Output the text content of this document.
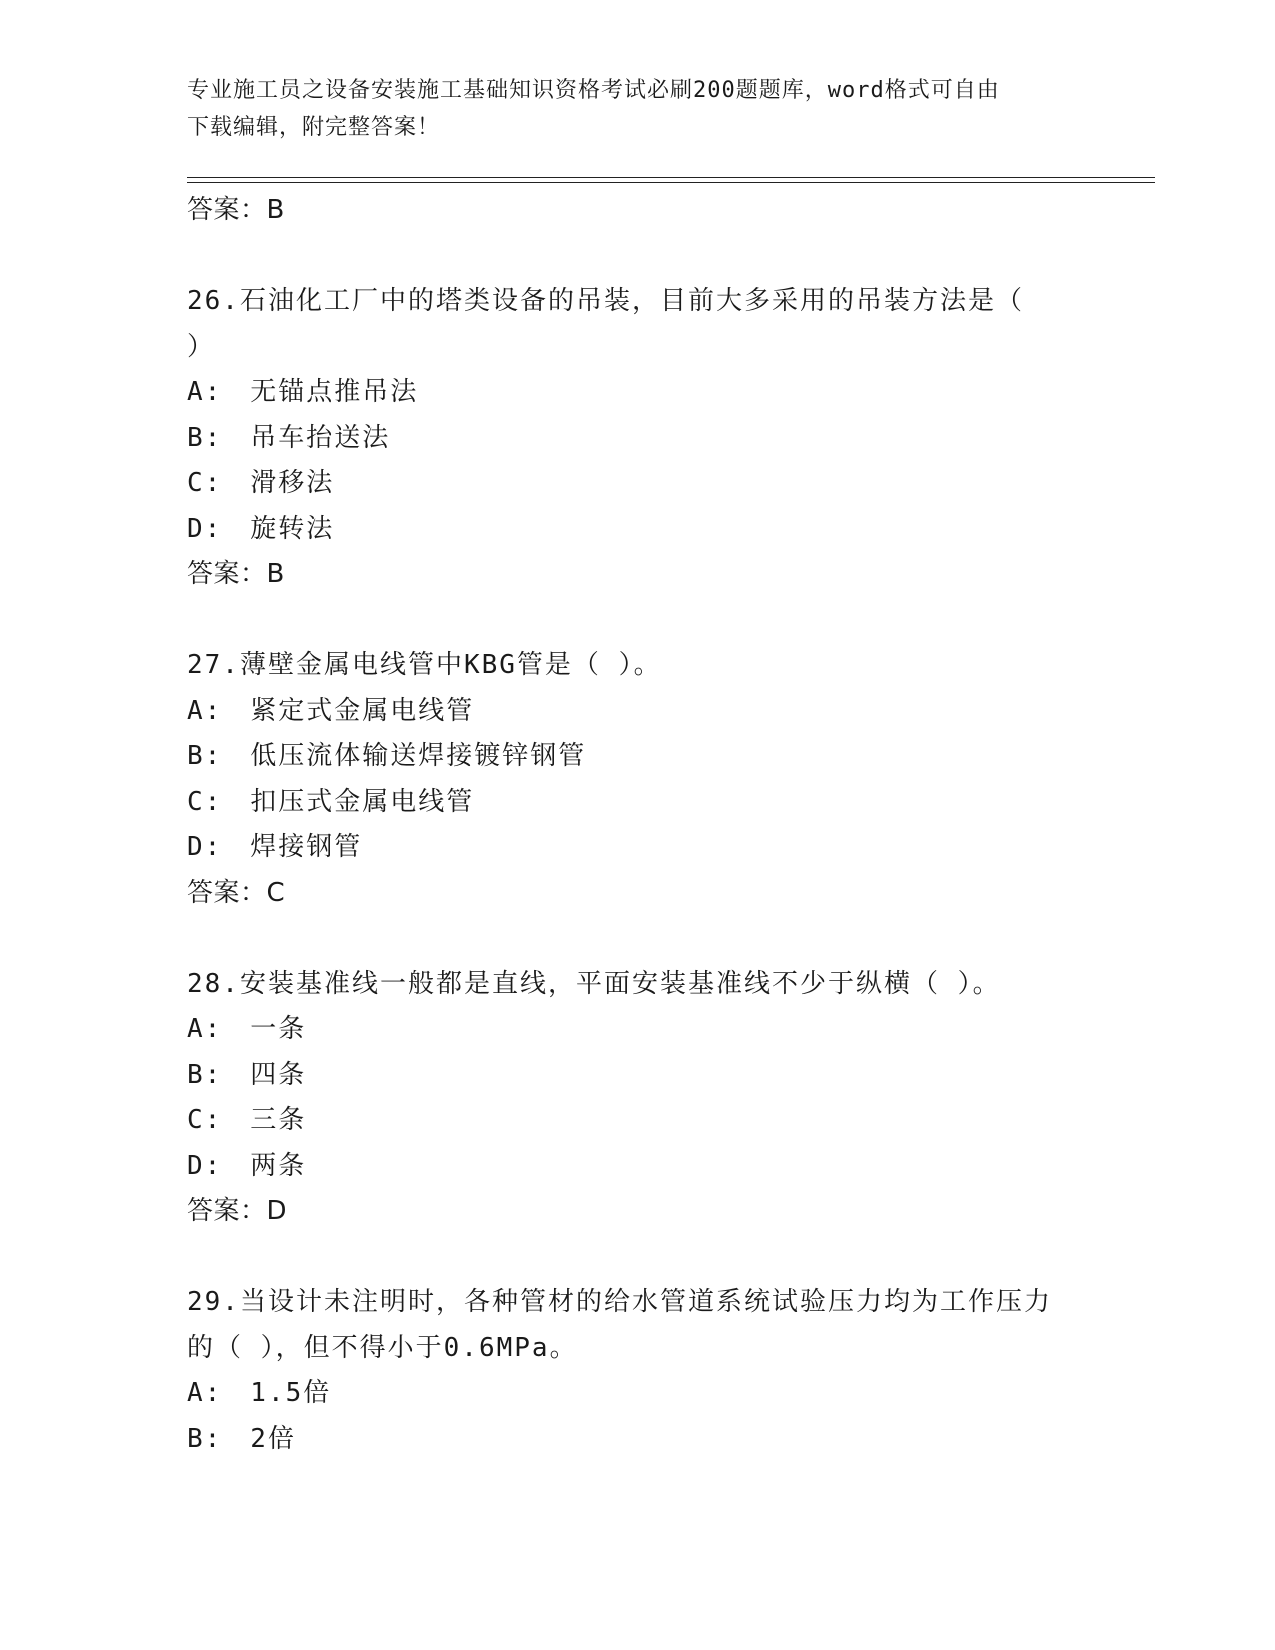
专业施工员之设备安装施工基础知识资格考试必刷200题题库，word格式可自由
下载编辑，附完整答案！
答案：B
26.石油化工厂中的塔类设备的吊装，目前大多采用的吊装方法是（
）
A:　无锚点推吊法
B:　吊车抬送法
C:　滑移法
D:　旋转法
答案：B
27.薄壁金属电线管中KBG管是（ ）。
A:　紧定式金属电线管
B:　低压流体输送焊接镀锌钢管
C:　扣压式金属电线管
D:　焊接钢管
答案：C
28.安装基准线一般都是直线，平面安装基准线不少于纵横（ ）。
A:　一条
B:　四条
C:　三条
D:　两条
答案：D
29.当设计未注明时，各种管材的给水管道系统试验压力均为工作压力
的（ ），但不得小于0.6MPa。
A:　1.5倍
B:　2倍
